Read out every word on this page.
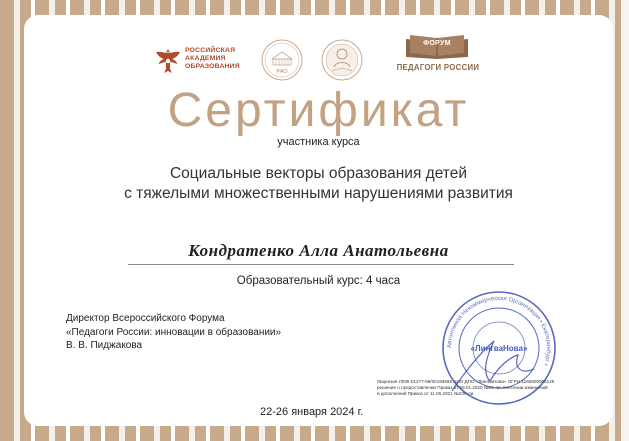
РОССИЙСКАЯ
АКАДЕМИЯ
ОБРАЗОВАНИЯ
РАО
ФОРУМ
ПЕДАГОГИ РОССИИ
Сертификат
участника курса
Социальные векторы образования детей
с тяжелыми множественными нарушениями развития
Кондратенко Алла Анатольевна
Образовательный курс: 4 часа
Директор Всероссийского Форума
«Педагоги России: инновации в образовании»
В. В. Пиджакова	Автономная Некоммерческая Организация • Екатеринбург •
«ЛингваНова»
Лицензия Л035-01277-66/00193666 АНО ДПО «ЛингваНова» ОГРН 1166600005126
решение о предоставлении Приказ от 09.01.2020 №06-ли, внесении изменений
и дополнений Приказ от 11.06.2021 №230-ли
22-26 января 2024 г.
